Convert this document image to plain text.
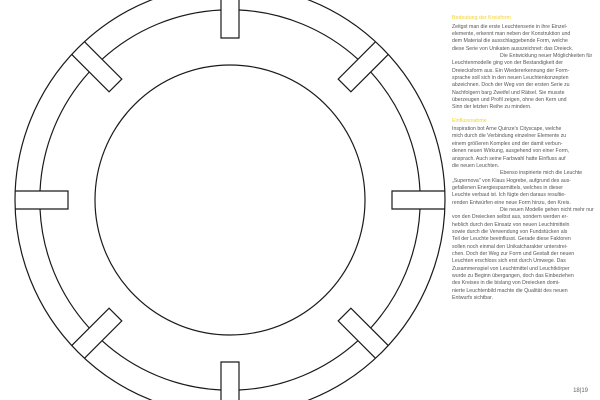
Bedeutung der Kreisform
Zeitgst man die erste Leuchtenserie in ihre Einzel-
elemente, erkennt man neben der Konstruktion und
dem Material die ausschlaggebende Form, welche
diese Serie von Unikaten ausszeichnet: das Dreieck.
Die Entwicklung neuer Möglichkeiten für
Leuchtenmodelle ging von der Bestandigkeit der
Dreiecksform aus. Ein Wiedererkennung der Form-
sprache soll sich in den neuen Leuchtenkonzepten
abzeichnen. Doch der Weg von der ersten Serie zu
Nachfolgern barg Zweifel und Rätsel. Sie musste
überzeugen und Profil zeigen, ohne den Kern und
Sinn der letzten Reihe zu mindern.
Einflussnahme
Inspiration bot Arne Quinze's Cityscape, welche
mich durch die Verbindung einzelner Elemente zu
einem größeren Komplex und der damit verbun-
denen neuen Wirkung, ausgehend von einer Form,
ansprach. Auch seine Farbwahl hatte Einfluss auf
die neuen Leuchten.
Ebenso inspirierte mich die Leuchte
„Supernova" von Klaus Hogrebe, aufgrund des aus-
gefallenen Energiesparmittels, welches in dieser
Leuchte verbaut ist. Ich fügte den daraus resultie-
renden Entwürfen eine neue Form hinzu, den Kreis.
Die neuen Modelle gehen nicht mehr nur
von den Dreiecken selbst aus, sondern werden er-
heblich durch den Einsatz von neuen Leuchtmitteln
sowie durch die Verwendung von Fundstücken als
Teil der Leuchte beeinflusst. Gerade diese Faktoren
sollen noch einmal den Unikatcharakter unterstrei-
chen. Doch der Weg zur Form und Gestalt der neuen
Leuchten erschloss sich erst durch Umwege. Das
Zusammenspiel von Leuchtmittel und Leuchtkörper
wurde zu Beginn übergangen, doch das Einbeziehen
des Kreises in die bislang von Dreiecken domi-
nierte Leuchtenbild machte die Qualität des neuen
Entwurfs sichtbar.
18|19
